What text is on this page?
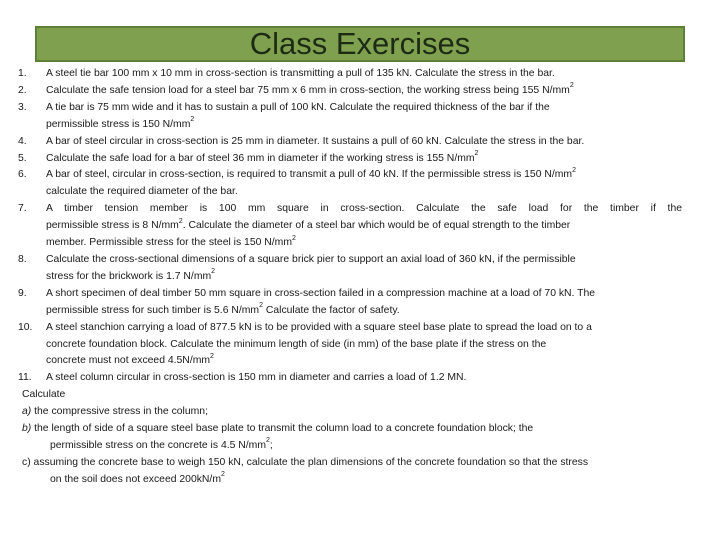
Class Exercises
1. A steel tie bar 100 mm x 10 mm in cross-section is transmitting a pull of 135 kN. Calculate the stress in the bar.
2. Calculate the safe tension load for a steel bar 75 mm x 6 mm in cross-section, the working stress being 155 $N/mm^2$
3. A tie bar is 75 mm wide and it has to sustain a pull of 100 kN. Calculate the required thickness of the bar if the
permissible stress is 150 $N/mm^2$
4. A bar of steel circular in cross-section is 25 mm in diameter. It sustains a pull of 60 kN. Calculate the stress in the bar.
5. Calculate the safe load for a bar of steel 36 mm in diameter if the working stress is 155 $N/mm^2$
6. A bar of steel, circular in cross-section, is required to transmit a pull of 40 kN. If the permissible stress is 150 $N/mm^2$
calculate the required diameter of the bar.
7. A timber tension member is 100 mm square in cross-section. Calculate the safe load for the timber if the
permissible stress is 8 $N/mm^2$. Calculate the diameter of a steel bar which would be of equal strength to the timber
member. Permissible stress for the steel is 150 $N/mm^2$
8. Calculate the cross-sectional dimensions of a square brick pier to support an axial load of 360 kN, if the permissible
stress for the brickwork is 1.7 $N/mm^2$
9. A short specimen of deal timber 50 mm square in cross-section failed in a compression machine at a load of 70 kN. The
permissible stress for such timber is 5.6 $N/mm^2$ Calculate the factor of safety.
10. A steel stanchion carrying a load of 877.5 kN is to be provided with a square steel base plate to spread the load on to a
concrete foundation block. Calculate the minimum length of side (in mm) of the base plate if the stress on the
concrete must not exceed $4.5N/mm^2$
11. A steel column circular in cross-section is 150 mm in diameter and carries a load of 1.2 MN.
Calculate
a) the compressive stress in the column;
b) the length of side of a square steel base plate to transmit the column load to a concrete foundation block; the
permissible stress on the concrete is 4.5 $N/mm^2$;
c) assuming the concrete base to weigh 150 kN, calculate the plan dimensions of the concrete foundation so that the stress
on the soil does not exceed $200kN/m^2$
